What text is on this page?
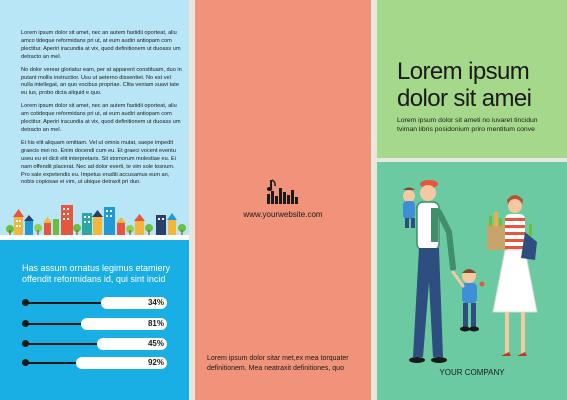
Lorem ipsum dolor sit amet, nec an autem fastidii oporteat, aliu amco tideque reformidans pri ut, at eum audiri antiopam com plectitur. Aperiri iracundia at vix, quod definitionem ut duoass um detracto an mel.

No dolor verear gloriatur eam, per at apparent constituam, duo in putant mollis instructior. Usu ut aeterno dissentiet. No est vel nulla intellegat, an quo vocibus propriae. Clita veniam suavi tate eu ius, probo dicta aliquid e quo.

Lorem ipsum dolor sit amet, nec an autem fastidii oporteat, aliu am cotideque reformidans pri ut, at eum audiri antiopam com plectitur. Aperiri iracundia at vix, quod definitionem ut duoass um detracto an mel.

Ei his elit aliquam omittam. Vel ut omnis mutat, saepe impedit graecis mei no. Enim docendi cum eu. Et graeci vocent eventu useu eu et dicit elit interpretaris. Sit stomorum molestiae eu. Ei nam offendit placerat. Nec ad dolor everti, te vim sole tosnum. Pro sale expetendis eu. Impetus eruditi accusamus eum an, nobis copiosae ei vim, ut ubique detraxit pri duo.

Has assum ornatus legimus etamiery offendit reformidans id, qui sint incid
34%
81%
45%
92%
www.yourwebsite.com
Lorem ipsum dolor sitar met,ex mea torquater definitionem. Mea neatraxit definitiones, quo
Lorem ipsum dolor sit amei
Lorem ipsum dolor sit ameti no iuvaret tincidun tviman libris posidonium priro mentitum conve
YOUR COMPANY
